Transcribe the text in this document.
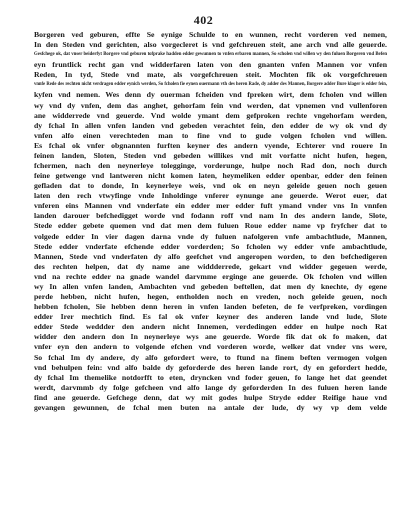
402
Borgeren ved geburen, effte Se eynige Schulde to en wunnen, recht vorderen ved nemen,
In den Steden vnd gerichten, also vorgecleret is vnd gefchreuen steit, ane arch vnd alle geuerde.
Gesfchege ok, dat vnser beiderfyt Borgere vnd geburen tofprake hadden edder gewunnen to vnfen erbaren mannen, So scholen vnd willen wy den fuluen Borgeren vnd Befen
eyn fruntlick recht gan vnd widderfaren laten von den gnanten vnfen Mannen vor vnfen
Reden, In tyd, Stede vnd mate, als vorgefchreuen steit. Mochten fik ok vorgefchreuen
vnnfe Rede des rechten nicht verdragen edder eynich werden, So fcholen fie eynen ouermann vth des heren Rade, dy adder des Mannen, Borgere adder Bure klager is edder fein,
kyfen vnd nemen. Wes denn dy ouerman fcheiden vnd fpreken wirt, dem fcholen vnd willen
wy vnd dy vnfen, dem das anghet, gehorfam fein vnd werden, dat vpnemen vnd vullenforen
ane widderrede vnd geuerde. Vnd wolde ymant dem gefproken rechte vngehorfam werden,
dy fchal In allen vnfen landen vnd gebeden verachtet fein, den edder de wy ok vnd dy
vnfen alfo einen verechteden man to fine vnd to gude volgen fcholen vnd willen.
Es fchal ok vnfer obgnannten furften keyner des andern vyende, Echterer vnd rouere In
feinen landen, Sloten, Steden vnd gebeden willikes vnd mit vorfatte nicht hufen, hegen,
fchermen, nach den neynerleye toleggingе, vorderunge, hulpe noch Rad don, noch durch
feine getwenge vnd lantweren nicht komen laten, heymeliken edder openbar, edder den feinen
gefladen dat to donde, In keynerleye weis, vnd ok en neyn geleide geuen noch geuen
laten den rech vtwyfinge vnde Inholdinge vnferer eynunge ane geuerde. Werot euer, dat
vnferen eins Mannen vnd vnderfate ein edder mer edder fuft ymand vnder vns In vnnfen
landen darouer befchedigget worde vnd fodann roff vnd nam In des andern lande, Slote,
Stede edder gebete quemen vnd dat men dem fuluen Roue edder name vp fryfcher dat to
volgede edder In vier dagen darna vnde dy fuluen nafolgeren vnfe ambachtlude, Mannen,
Stede edder vnderfate efchende edder vorderden; So fcholen wy edder vnfe ambachtlude,
Mannen, Stede vnd vnderfaten dy alfo geefchet vnd angeropen worden, to den befchedigeren
des rechten helpen, dat dy name ane widdderrede, gekart vnd widder gegeuen werde,
vnd na rechte edder na gnade wandel darvmme erginge ane geuerde. Ok fcholen vnd willen
wy In allen vnfen landen, Ambachten vnd gebeden beftellen, dat men dy knechte, dy egene
perde hebben, nicht hufen, hegen, entholden noch en vreden, noch geleide geuen, noch
hebben fcholen, Sie hebben denn heren in vnfen landen befeten, de fe verfpreken, vordingen
edder Irer mechtich find. Es fal ok vnfer keyner des anderen lande vnd lude, Slote
edder Stede weddder den andern nicht Innemen, verdedingen edder en hulpe noch Rat
widder den andern don In neynerleye wys ane geuerde. Worde fik dat ok fo maken, dat
vnfer eyn den andern to volgende efchen vnd vorderen worde, welker dat vnder vns were,
So fchal Im dy andere, dy alfo gefordert were, to ftund na finem beften vermogen volgen
vnd behulpen fein: vnd alfo balde dy geforderde des heren lande rort, dy en gefordert hedde,
dy fchal Im themelike notdorfft to eten, drynckеn vnd foder geuen, fo lange het dat geendet
werdt, darvmmb dy folge gefcheen vnd alfo lange dy geforderden In des fuluen heren lande
find ane geuerde. Gefchege denn, dat wy mit godes hulpe Stryde edder Reifige haue vnd
gevangen gewunnen, de fchal men buten na antale der lude, dy wy vp dem velde
